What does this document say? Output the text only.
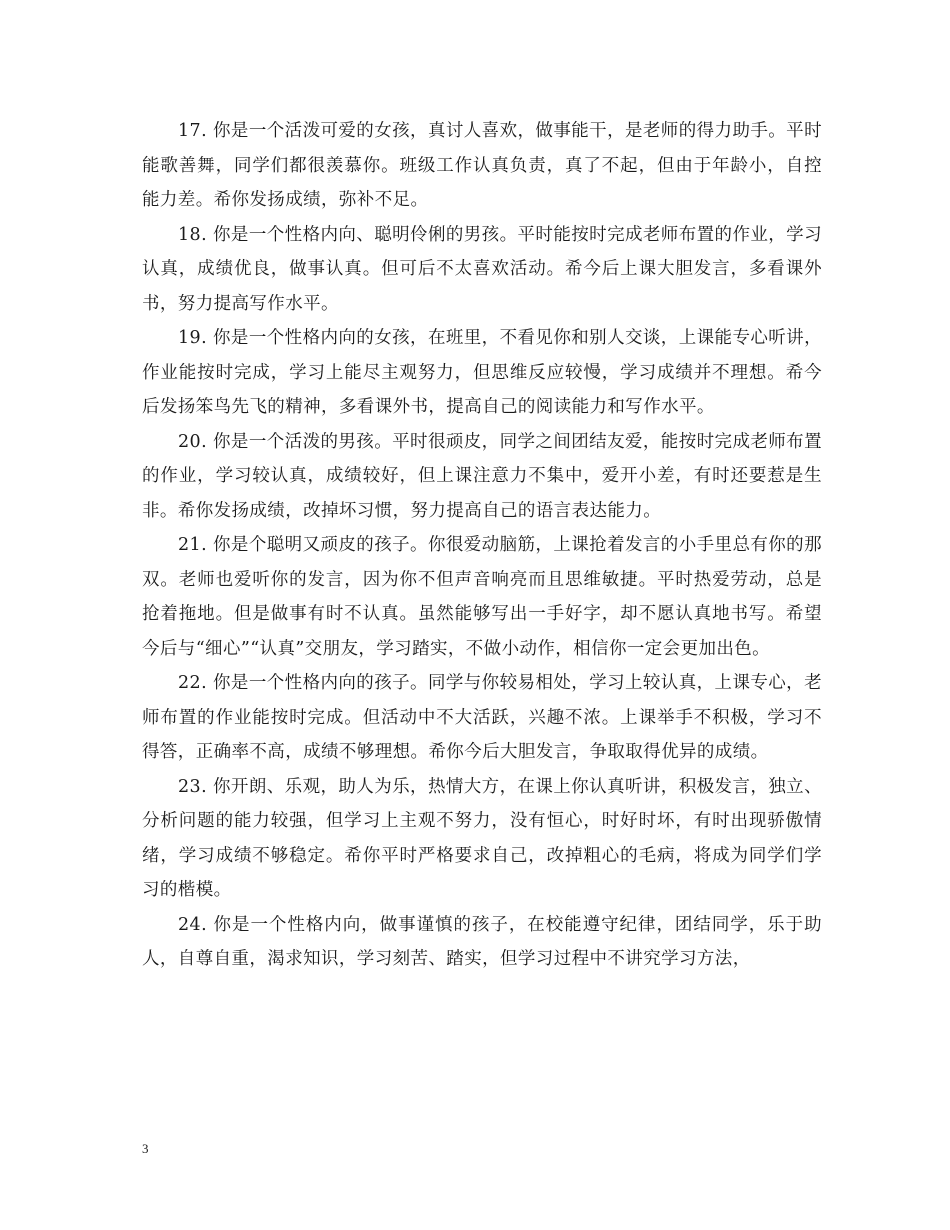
17. 你是一个活泼可爱的女孩，真讨人喜欢，做事能干，是老师的得力助手。平时能歌善舞，同学们都很羡慕你。班级工作认真负责，真了不起，但由于年龄小，自控能力差。希你发扬成绩，弥补不足。

18. 你是一个性格内向、聪明伶俐的男孩。平时能按时完成老师布置的作业，学习认真，成绩优良，做事认真。但可后不太喜欢活动。希今后上课大胆发言，多看课外书，努力提高写作水平。

19. 你是一个性格内向的女孩，在班里，不看见你和别人交谈，上课能专心听讲，作业能按时完成，学习上能尽主观努力，但思维反应较慢，学习成绩并不理想。希今后发扬笨鸟先飞的精神，多看课外书，提高自己的阅读能力和写作水平。

20. 你是一个活泼的男孩。平时很顽皮，同学之间团结友爱，能按时完成老师布置的作业，学习较认真，成绩较好，但上课注意力不集中，爱开小差，有时还要惹是生非。希你发扬成绩，改掉坏习惯，努力提高自己的语言表达能力。

21. 你是个聪明又顽皮的孩子。你很爱动脑筋，上课抢着发言的小手里总有你的那双。老师也爱听你的发言，因为你不但声音响亮而且思维敏捷。平时热爱劳动，总是抢着拖地。但是做事有时不认真。虽然能够写出一手好字，却不愿认真地书写。希望今后与“细心”“认真”交朋友，学习踏实，不做小动作，相信你一定会更加出色。

22. 你是一个性格内向的孩子。同学与你较易相处，学习上较认真，上课专心，老师布置的作业能按时完成。但活动中不大活跃，兴趣不浓。上课举手不积极，学习不得答，正确率不高，成绩不够理想。希你今后大胆发言，争取取得优异的成绩。

23. 你开朗、乐观，助人为乐，热情大方，在课上你认真听讲，积极发言，独立、分析问题的能力较强，但学习上主观不努力，没有恒心，时好时坏，有时出现骄傲情绪，学习成绩不够稳定。希你平时严格要求自己，改掉粗心的毛病，将成为同学们学习的楷模。

24. 你是一个性格内向，做事谨慎的孩子，在校能遵守纪律，团结同学，乐于助人，自尊自重，渴求知识，学习刻苦、踏实，但学习过程中不讲究学习方法，

3
